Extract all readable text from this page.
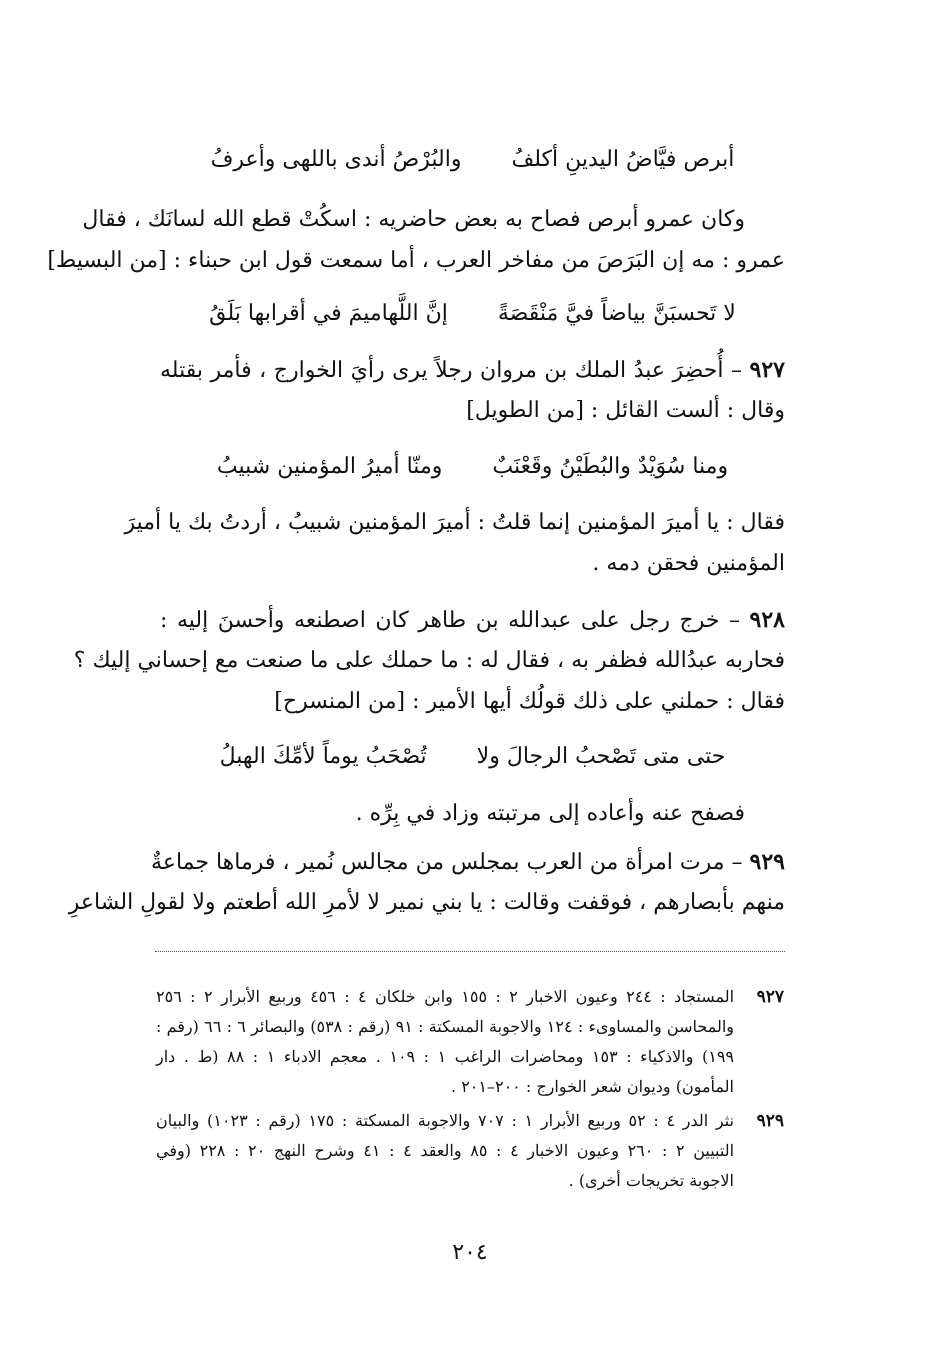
أبرص فيَّاضُ اليدينِ أكلفُوالبُرْصُ أندى باللهى وأعرفُ
وكان عمرو أبرص فصاح به بعض حاضريه : اسكُتْ قطع الله لسانَك ، فقال
عمرو : مه إن البَرَصَ من مفاخر العرب ، أما سمعت قول ابن حبناء : [من البسيط]
لا تَحسبَنَّ بياضاً فيَّ مَنْقَصَةًإنَّ اللَّهاميمَ في أقرابها بَلَقُ
٩٢٧ – أُحضِرَ عبدُ الملك بن مروان رجلاً يرى رأيَ الخوارج ، فأمر بقتله
وقال : ألست القائل : [من الطويل]
ومنا سُوَيْدٌ والبُطَيْنُ وقَعْنَبٌومنّا أميرُ المؤمنين شبيبُ
فقال : يا أميرَ المؤمنين إنما قلتُ : أميرَ المؤمنين شبيبُ ، أردتُ بك يا أميرَ
المؤمنين فحقن دمه .
٩٢٨ – خرج رجل على عبدالله بن طاهر كان اصطنعه وأحسنَ إليه :
فحاربه عبدُالله فظفر به ، فقال له : ما حملك على ما صنعت مع إحساني إليك ؟
فقال : حملني على ذلك قولُك أيها الأمير : [من المنسرح]
حتى متى تَصْحبُ الرجالَ ولاتُصْحَبُ يوماً لأمِّكَ الهبلُ
فصفح عنه وأعاده إلى مرتبته وزاد في بِرِّه .
٩٢٩ – مرت امرأة من العرب بمجلس من مجالس نُمير ، فرماها جماعةٌ
منهم بأبصارهم ، فوقفت وقالت : يا بني نمير لا لأمرِ الله أطعتم ولا لقولِ الشاعرِ
٩٢٧
المستجاد : ٢٤٤ وعيون الاخبار ٢ : ١٥٥ وابن خلكان ٤ : ٤٥٦ وربيع الأبرار ٢ : ٢٥٦
والمحاسن والمساوىء : ١٢٤ والاجوبة المسكتة : ٩١ (رقم : ٥٣٨) والبصائر ٦ : ٦٦ (رقم :
١٩٩) والاذكياء : ١٥٣ ومحاضرات الراغب ١ : ١٠٩ . معجم الادباء ١ : ٨٨ (ط . دار
المأمون) وديوان شعر الخوارج : ٢٠٠–٢٠١ .
٩٢٩
نثر الدر ٤ : ٥٢ وربيع الأبرار ١ : ٧٠٧ والاجوبة المسكتة : ١٧٥ (رقم : ١٠٢٣) والبيان
التبيين ٢ : ٢٦٠ وعيون الاخبار ٤ : ٨٥ والعقد ٤ : ٤١ وشرح النهج ٢٠ : ٢٢٨ (وفي
الاجوبة تخريجات أخرى) .
٢٠٤
